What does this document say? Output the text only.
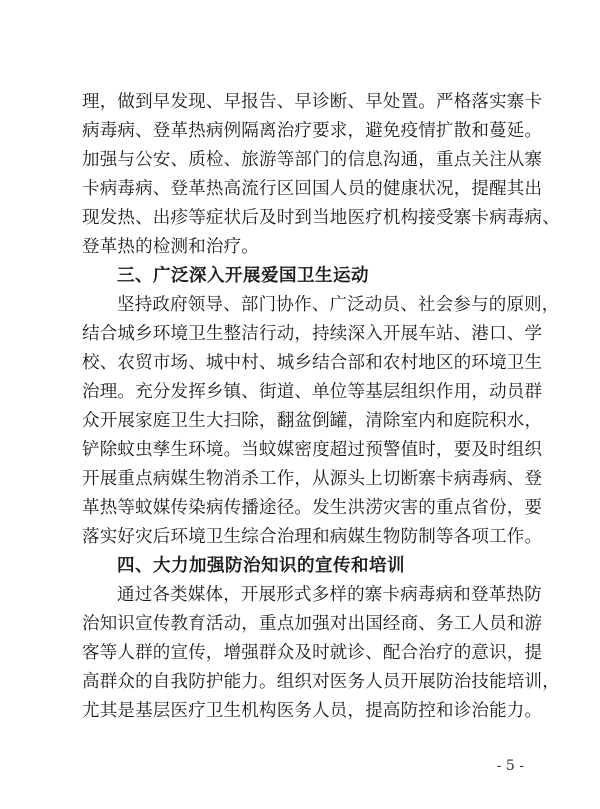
理，做到早发现、早报告、早诊断、早处置。严格落实寨卡
病毒病、登革热病例隔离治疗要求，避免疫情扩散和蔓延。
加强与公安、质检、旅游等部门的信息沟通，重点关注从寨
卡病毒病、登革热高流行区回国人员的健康状况，提醒其出
现发热、出疹等症状后及时到当地医疗机构接受寨卡病毒病、
登革热的检测和治疗。
三、广泛深入开展爱国卫生运动
坚持政府领导、部门协作、广泛动员、社会参与的原则，
结合城乡环境卫生整洁行动，持续深入开展车站、港口、学
校、农贸市场、城中村、城乡结合部和农村地区的环境卫生
治理。充分发挥乡镇、街道、单位等基层组织作用，动员群
众开展家庭卫生大扫除，翻盆倒罐，清除室内和庭院积水，
铲除蚊虫孳生环境。当蚊媒密度超过预警值时，要及时组织
开展重点病媒生物消杀工作，从源头上切断寨卡病毒病、登
革热等蚊媒传染病传播途径。发生洪涝灾害的重点省份，要
落实好灾后环境卫生综合治理和病媒生物防制等各项工作。
四、大力加强防治知识的宣传和培训
通过各类媒体，开展形式多样的寨卡病毒病和登革热防
治知识宣传教育活动，重点加强对出国经商、务工人员和游
客等人群的宣传，增强群众及时就诊、配合治疗的意识，提
高群众的自我防护能力。组织对医务人员开展防治技能培训，
尤其是基层医疗卫生机构医务人员，提高防控和诊治能力。
- 5 -
